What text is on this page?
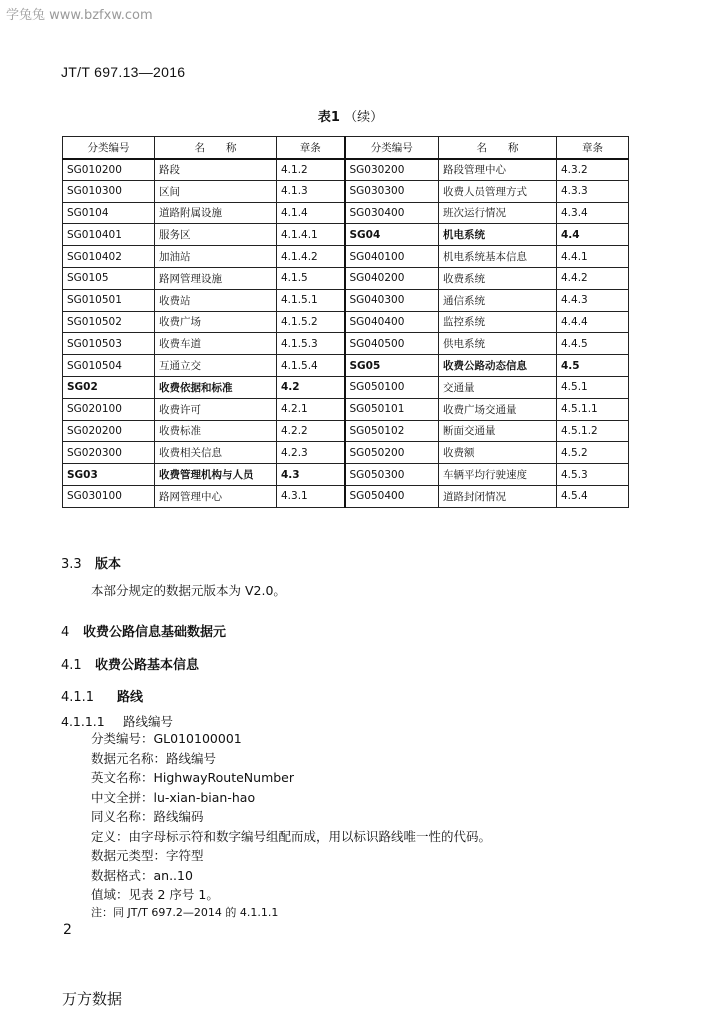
学兔兔 www.bzfxw.com
JT/T 697.13—2016
表1 （续）
分类编号	名　　称	章条	分类编号	名　　称	章条
SG010200	路段	4.1.2	SG030200	路段管理中心	4.3.2
SG010300	区间	4.1.3	SG030300	收费人员管理方式	4.3.3
SG0104	道路附属设施	4.1.4	SG030400	班次运行情况	4.3.4
SG010401	服务区	4.1.4.1	SG04	机电系统	4.4
SG010402	加油站	4.1.4.2	SG040100	机电系统基本信息	4.4.1
SG0105	路网管理设施	4.1.5	SG040200	收费系统	4.4.2
SG010501	收费站	4.1.5.1	SG040300	通信系统	4.4.3
SG010502	收费广场	4.1.5.2	SG040400	监控系统	4.4.4
SG010503	收费车道	4.1.5.3	SG040500	供电系统	4.4.5
SG010504	互通立交	4.1.5.4	SG05	收费公路动态信息	4.5
SG02	收费依据和标准	4.2	SG050100	交通量	4.5.1
SG020100	收费许可	4.2.1	SG050101	收费广场交通量	4.5.1.1
SG020200	收费标准	4.2.2	SG050102	断面交通量	4.5.1.2
SG020300	收费相关信息	4.2.3	SG050200	收费额	4.5.2
SG03	收费管理机构与人员	4.3	SG050300	车辆平均行驶速度	4.5.3
SG030100	路网管理中心	4.3.1	SG050400	道路封闭情况	4.5.4
3.3 版本
本部分规定的数据元版本为 V2.0。
4 收费公路信息基础数据元
4.1 收费公路基本信息
4.1.1 路线
4.1.1.1 路线编号
分类编号：GL010100001
数据元名称：路线编号
英文名称：HighwayRouteNumber
中文全拼：lu-xian-bian-hao
同义名称：路线编码
定义：由字母标示符和数字编号组配而成，用以标识路线唯一性的代码。
数据元类型：字符型
数据格式：an..10
值域：见表 2 序号 1。
注：同 JT/T 697.2—2014 的 4.1.1.1
2
万方数据
